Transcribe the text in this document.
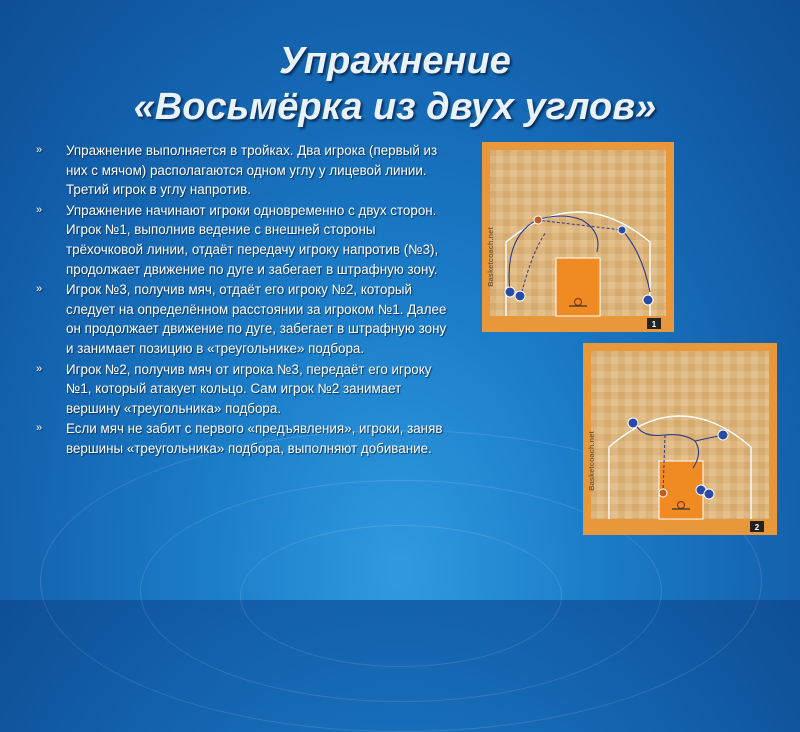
Упражнение
«Восьмёрка из двух углов»
» Упражнение выполняется в тройках. Два игрока (первый из них с мячом) располагаются одном углу у лицевой линии. Третий игрок в углу напротив.
» Упражнение начинают игроки одновременно с двух сторон. Игрок №1, выполнив ведение с внешней стороны трёхочковой линии, отдаёт передачу игроку напротив (№3), продолжает движение по дуге и забегает в штрафную зону.
» Игрок №3, получив мяч, отдаёт его игроку №2, который следует на определённом расстоянии за игроком №1. Далее он продолжает движение по дуге, забегает в штрафную зону и занимает позицию в «треугольнике» подбора.
» Игрок №2, получив мяч от игрока №3, передаёт его игроку №1, который атакует кольцо. Сам игрок №2 занимает вершину «треугольника» подбора.
» Если мяч не забит с первого «предъявления», игроки, заняв вершины «треугольника» подбора, выполняют добивание.
Basketcoach.net
1
Basketcoach.net
2
